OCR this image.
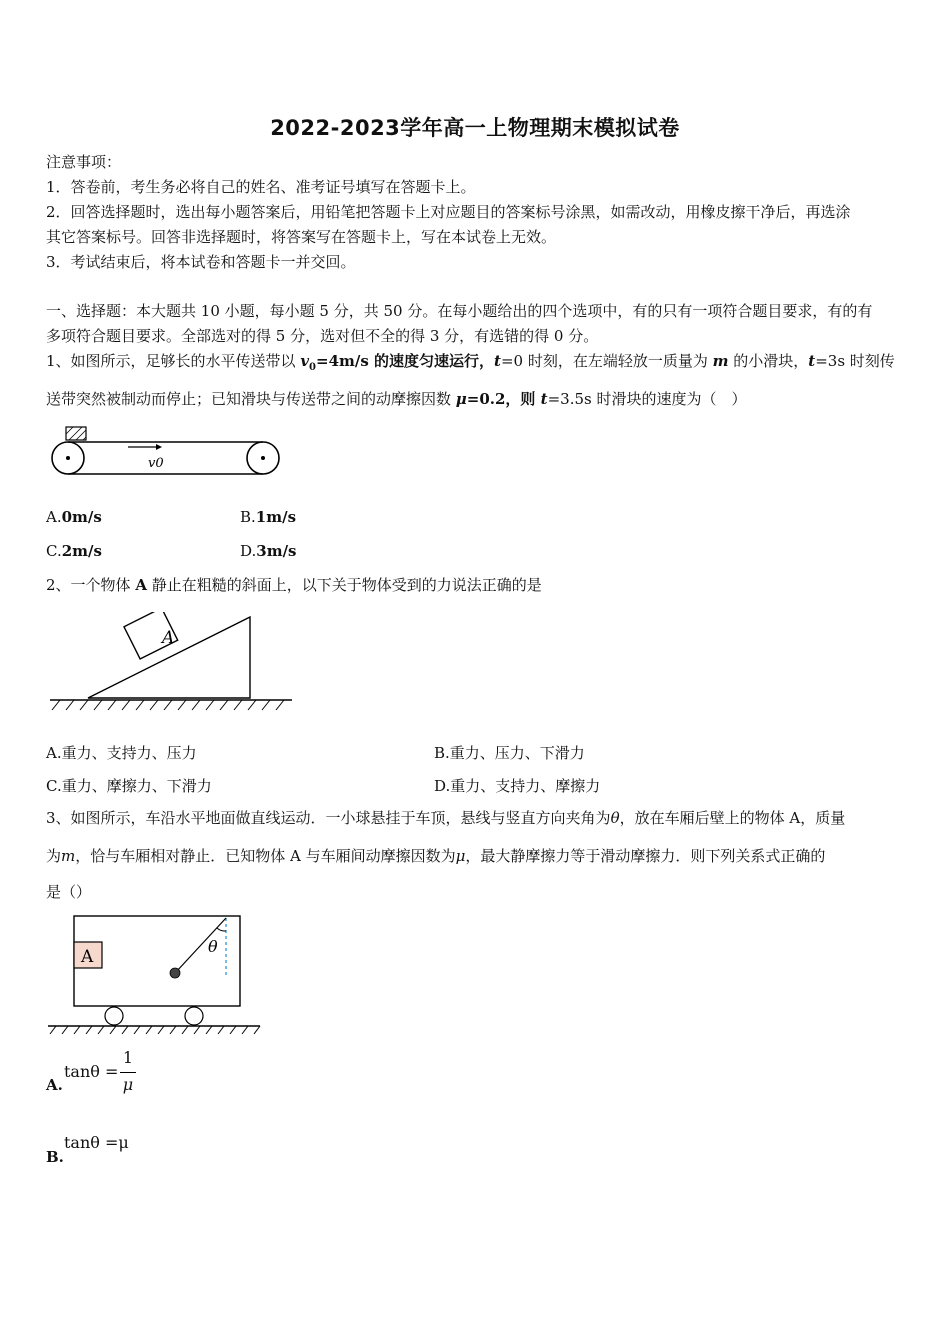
2022-2023学年高一上物理期末模拟试卷
注意事项：
1．答卷前，考生务必将自己的姓名、准考证号填写在答题卡上。
2．回答选择题时，选出每小题答案后，用铅笔把答题卡上对应题目的答案标号涂黑，如需改动，用橡皮擦干净后，再选涂
其它答案标号。回答非选择题时，将答案写在答题卡上，写在本试卷上无效。
3．考试结束后，将本试卷和答题卡一并交回。
一、选择题：本大题共 10 小题，每小题 5 分，共 50 分。在每小题给出的四个选项中，有的只有一项符合题目要求，有的有
多项符合题目要求。全部选对的得 5 分，选对但不全的得 3 分，有选错的得 0 分。
1、如图所示，足够长的水平传送带以 $v_0=4m/s$ 的速度匀速运行，t=0 时刻，在左端轻放一质量为 m 的小滑块，t=3s 时刻传
送带突然被制动而停止；已知滑块与传送带之间的动摩擦因数 μ=0.2，则 t=3.5s 时滑块的速度为（　）
v0
A.0m/s	B.1m/s
C.2m/s	D.3m/s
2、一个物体 A 静止在粗糙的斜面上，以下关于物体受到的力说法正确的是
A
A.重力、支持力、压力	B.重力、压力、下滑力
C.重力、摩擦力、下滑力	D.重力、支持力、摩擦力
3、如图所示，车沿水平地面做直线运动．一小球悬挂于车顶，悬线与竖直方向夹角为θ，放在车厢后壁上的物体 A，质量
为m，恰与车厢相对静止．已知物体 A 与车厢间动摩擦因数为μ，最大静摩擦力等于滑动摩擦力．则下列关系式正确的
是（）
A
θ
A.
tanθ =
1
μ
B.
tanθ =μ
